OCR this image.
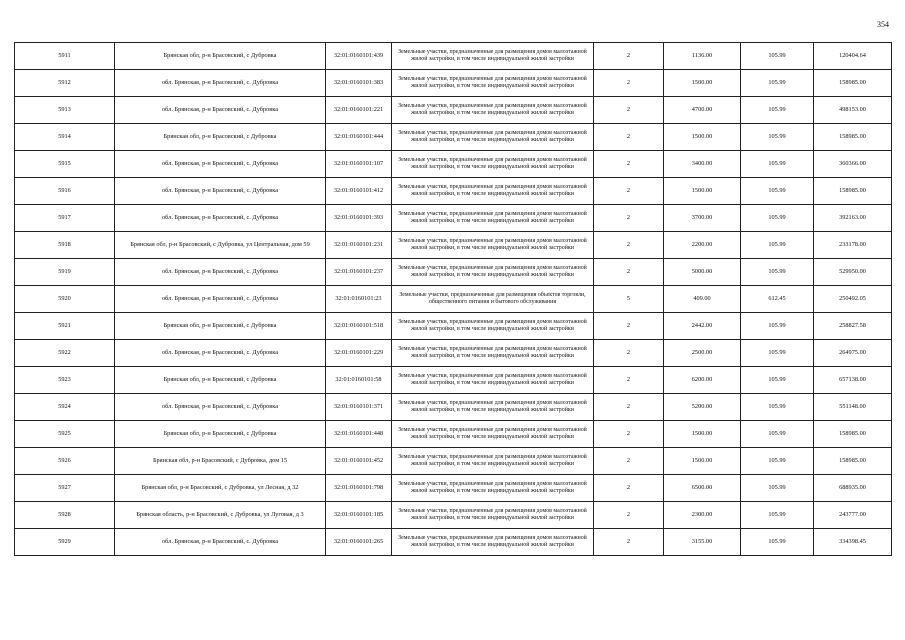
354
5911	Брянская обл, р-н Брасовский, с Дубровка	32:01:0160101:439	Земельные участки, предназначенные для размещения домов малоэтажной жилой застройки, в том числе индивидуальной жилой застройки	2	1136.00	105.99	120404.64
5912	обл. Брянская, р-н Брасовский, с. Дубровка	32:01:0160101:383	Земельные участки, предназначенные для размещения домов малоэтажной жилой застройки, в том числе индивидуальной жилой застройки	2	1500.00	105.99	158985.00
5913	обл. Брянская, р-н Брасовский, с. Дубровка	32:01:0160101:221	Земельные участки, предназначенные для размещения домов малоэтажной жилой застройки, в том числе индивидуальной жилой застройки	2	4700.00	105.99	498153.00
5914	Брянская обл, р-н Брасовский, с Дубровка	32:01:0160101:444	Земельные участки, предназначенные для размещения домов малоэтажной жилой застройки, в том числе индивидуальной жилой застройки	2	1500.00	105.99	158985.00
5915	обл. Брянская, р-н Брасовский, с. Дубровка	32:01:0160101:107	Земельные участки, предназначенные для размещения домов малоэтажной жилой застройки, в том числе индивидуальной жилой застройки	2	3400.00	105.99	360366.00
5916	обл. Брянская, р-н Брасовский, с. Дубровка	32:01:0160101:412	Земельные участки, предназначенные для размещения домов малоэтажной жилой застройки, в том числе индивидуальной жилой застройки	2	1500.00	105.99	158985.00
5917	обл. Брянская, р-н Брасовский, с. Дубровка	32:01:0160101:393	Земельные участки, предназначенные для размещения домов малоэтажной жилой застройки, в том числе индивидуальной жилой застройки	2	3700.00	105.99	392163.00
5918	Брянская обл, р-н Брасовский, с Дубровка, ул Центральная, дом 59	32:01:0160101:231	Земельные участки, предназначенные для размещения домов малоэтажной жилой застройки, в том числе индивидуальной жилой застройки	2	2200.00	105.99	233178.00
5919	обл. Брянская, р-н Брасовский, с. Дубровка	32:01:0160101:237	Земельные участки, предназначенные для размещения домов малоэтажной жилой застройки, в том числе индивидуальной жилой застройки	2	5000.00	105.99	529950.00
5920	обл. Брянская, р-н Брасовский, с. Дубровка	32:01:0160101:23	Земельные участки, предназначенные для размещения объектов торговли, общественного питания и бытового обслуживания	5	409.00	612.45	250492.05
5921	Брянская обл, р-н Брасовский, с Дубровка	32:01:0160101:518	Земельные участки, предназначенные для размещения домов малоэтажной жилой застройки, в том числе индивидуальной жилой застройки	2	2442.00	105.99	258827.58
5922	обл. Брянская, р-н Брасовский, с. Дубровка	32:01:0160101:229	Земельные участки, предназначенные для размещения домов малоэтажной жилой застройки, в том числе индивидуальной жилой застройки	2	2500.00	105.99	264975.00
5923	Брянская обл, р-н Брасовский, с Дубровка	32:01:0160101:58	Земельные участки, предназначенные для размещения домов малоэтажной жилой застройки, в том числе индивидуальной жилой застройки	2	6200.00	105.99	657138.00
5924	обл. Брянская, р-н Брасовский, с. Дубровка	32:01:0160101:371	Земельные участки, предназначенные для размещения домов малоэтажной жилой застройки, в том числе индивидуальной жилой застройки	2	5200.00	105.99	551148.00
5925	Брянская обл, р-н Брасовский, с Дубровка	32:01:0160101:448	Земельные участки, предназначенные для размещения домов малоэтажной жилой застройки, в том числе индивидуальной жилой застройки	2	1500.00	105.99	158985.00
5926	Брянская обл, р-н Брасовский, с Дубровка, дом 15	32:01:0160101:452	Земельные участки, предназначенные для размещения домов малоэтажной жилой застройки, в том числе индивидуальной жилой застройки	2	1500.00	105.99	158985.00
5927	Брянская обл, р-н Брасовский, с Дубровка, ул Лесная, д 32	32:01:0160101:798	Земельные участки, предназначенные для размещения домов малоэтажной жилой застройки, в том числе индивидуальной жилой застройки	2	6500.00	105.99	688935.00
5928	Брянская область, р-н Брасовский, с Дубровка, ул Луговая, д 3	32:01:0160101:185	Земельные участки, предназначенные для размещения домов малоэтажной жилой застройки, в том числе индивидуальной жилой застройки	2	2300.00	105.99	243777.00
5929	обл. Брянская, р-н Брасовский, с. Дубровка	32:01:0160101:265	Земельные участки, предназначенные для размещения домов малоэтажной жилой застройки, в том числе индивидуальной жилой застройки	2	3155.00	105.99	334398.45
